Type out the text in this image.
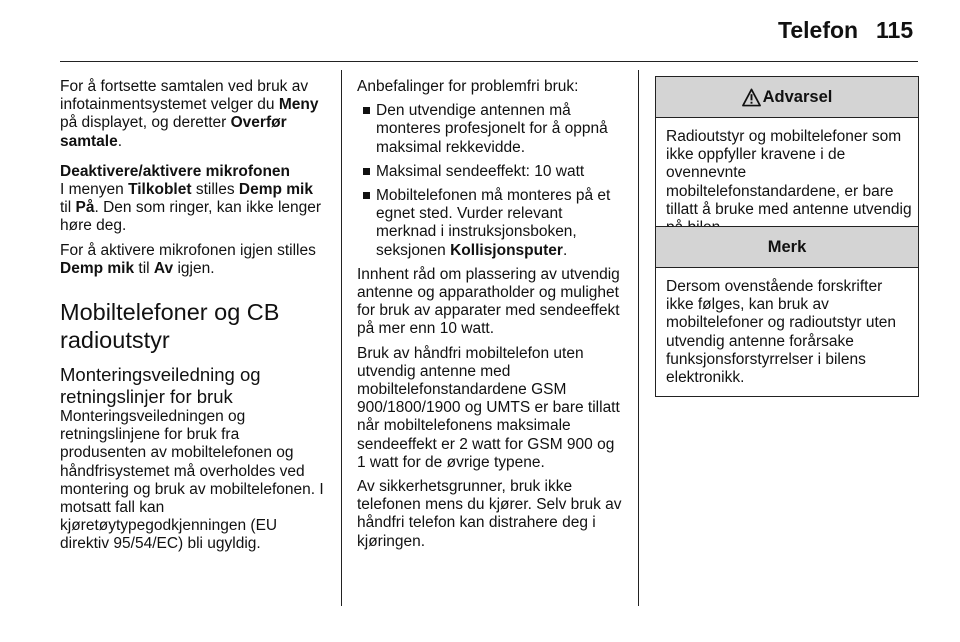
Telefon 115

For å fortsette samtalen ved bruk av infotainmentsystemet velger du Meny på displayet, og deretter Overfør samtale.

Deaktivere/aktivere mikrofonen

I menyen Tilkoblet stilles Demp mik til På. Den som ringer, kan ikke lenger høre deg.

For å aktivere mikrofonen igjen stilles Demp mik til Av igjen.

Mobiltelefoner og CB radioutstyr
Monteringsveiledning og retningslinjer for bruk

Monteringsveiledningen og retningslinjene for bruk fra produsenten av mobiltelefonen og håndfrisystemet må overholdes ved montering og bruk av mobiltelefonen. I motsatt fall kan kjøretøytypegodkjenningen (EU direktiv 95/54/EC) bli ugyldig.

Anbefalinger for problemfri bruk:

Den utvendige antennen må monteres profesjonelt for å oppnå maksimal rekkevidde.
Maksimal sendeeffekt: 10 watt
Mobiltelefonen må monteres på et egnet sted. Vurder relevant merknad i instruksjonsboken, seksjonen Kollisjonsputer.

Innhent råd om plassering av utvendig antenne og apparatholder og mulighet for bruk av apparater med sendeeffekt på mer enn 10 watt.

Bruk av håndfri mobiltelefon uten utvendig antenne med mobiltelefonstandardene GSM 900/1800/1900 og UMTS er bare tillatt når mobiltelefonens maksimale sendeeffekt er 2 watt for GSM 900 og 1 watt for de øvrige typene.

Av sikkerhetsgrunner, bruk ikke telefonen mens du kjører. Selv bruk av håndfri telefon kan distrahere deg i kjøringen.

Advarsel
Radioutstyr og mobiltelefoner som ikke oppfyller kravene i de ovennevnte mobiltelefonstandardene, er bare tillatt å bruke med antenne utvendig
Merk
Dersom ovenstående forskrifter ikke følges, kan bruk av mobiltelefoner og radioutstyr uten utvendig antenne forårsake funksjonsforstyrrelser i bilens elektronikk.
